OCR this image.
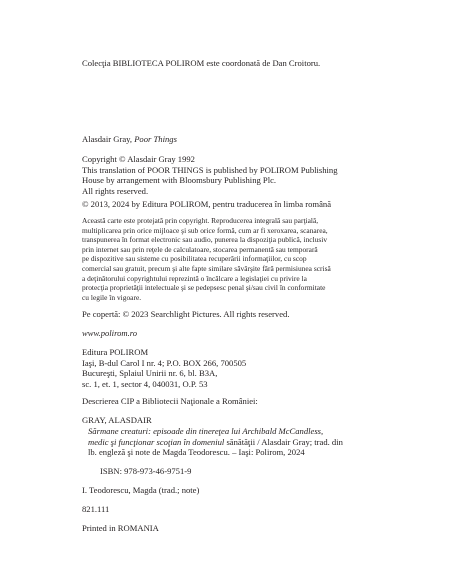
Colecţia BIBLIOTECA POLIROM este coordonată de Dan Croitoru.

Alasdair Gray, Poor Things

Copyright © Alasdair Gray 1992
This translation of POOR THINGS is published by POLIROM Publishing
House by arrangement with Bloomsbury Publishing Plc.
All rights reserved.

© 2013, 2024 by Editura POLIROM, pentru traducerea în limba română

Această carte este protejată prin copyright. Reproducerea integrală sau parţială,
multiplicarea prin orice mijloace şi sub orice formă, cum ar fi xeroxarea, scanarea,
transpunerea în format electronic sau audio, punerea la dispoziţia publică, inclusiv
prin internet sau prin reţele de calculatoare, stocarea permanentă sau temporară
pe dispozitive sau sisteme cu posibilitatea recuperării informaţiilor, cu scop
comercial sau gratuit, precum şi alte fapte similare săvârşite fără permisiunea scrisă
a deţinătorului copyrightului reprezintă o încălcare a legislaţiei cu privire la
protecţia proprietăţii intelectuale şi se pedepsesc penal şi/sau civil în conformitate
cu legile în vigoare.

Pe copertă: © 2023 Searchlight Pictures. All rights reserved.

www.polirom.ro

Editura POLIROM
Iaşi, B-dul Carol I nr. 4; P.O. BOX 266, 700505
Bucureşti, Splaiul Unirii nr. 6, bl. B3A,
sc. 1, et. 1, sector 4, 040031, O.P. 53

Descrierea CIP a Bibliotecii Naţionale a României:

GRAY, ALASDAIR

Sărmane creaturi: episoade din tinereţea lui Archibald McCandless,
medic şi funcţionar scoţian în domeniul sănătăţii / Alasdair Gray; trad. din
lb. engleză şi note de Magda Teodorescu. – Iaşi: Polirom, 2024

ISBN: 978-973-46-9751-9

I. Teodorescu, Magda (trad.; note)

821.111

Printed in ROMANIA
